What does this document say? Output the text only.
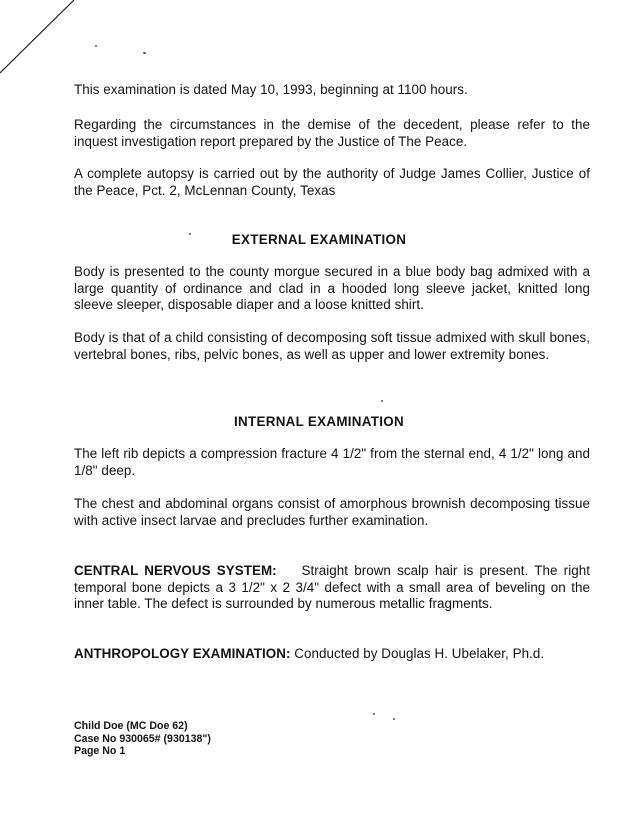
This examination is dated May 10, 1993, beginning at 1100 hours.

Regarding the circumstances in the demise of the decedent, please refer to the inquest investigation report prepared by the Justice of The Peace.

A complete autopsy is carried out by the authority of Judge James Collier, Justice of the Peace, Pct. 2, McLennan County, Texas

EXTERNAL EXAMINATION

Body is presented to the county morgue secured in a blue body bag admixed with a large quantity of ordinance and clad in a hooded long sleeve jacket, knitted long sleeve sleeper, disposable diaper and a loose knitted shirt.

Body is that of a child consisting of decomposing soft tissue admixed with skull bones, vertebral bones, ribs, pelvic bones, as well as upper and lower extremity bones.

INTERNAL EXAMINATION

The left rib depicts a compression fracture 4 1/2" from the sternal end, 4 1/2" long and 1/8" deep.

The chest and abdominal organs consist of amorphous brownish decomposing tissue with active insect larvae and precludes further examination.

CENTRAL NERVOUS SYSTEM: Straight brown scalp hair is present. The right temporal bone depicts a 3 1/2" x 2 3/4" defect with a small area of beveling on the inner table. The defect is surrounded by numerous metallic fragments.

ANTHROPOLOGY EXAMINATION: Conducted by Douglas H. Ubelaker, Ph.d.

Child Doe (MC Doe 62)
Case No 930065# (930138")
Page No 1
